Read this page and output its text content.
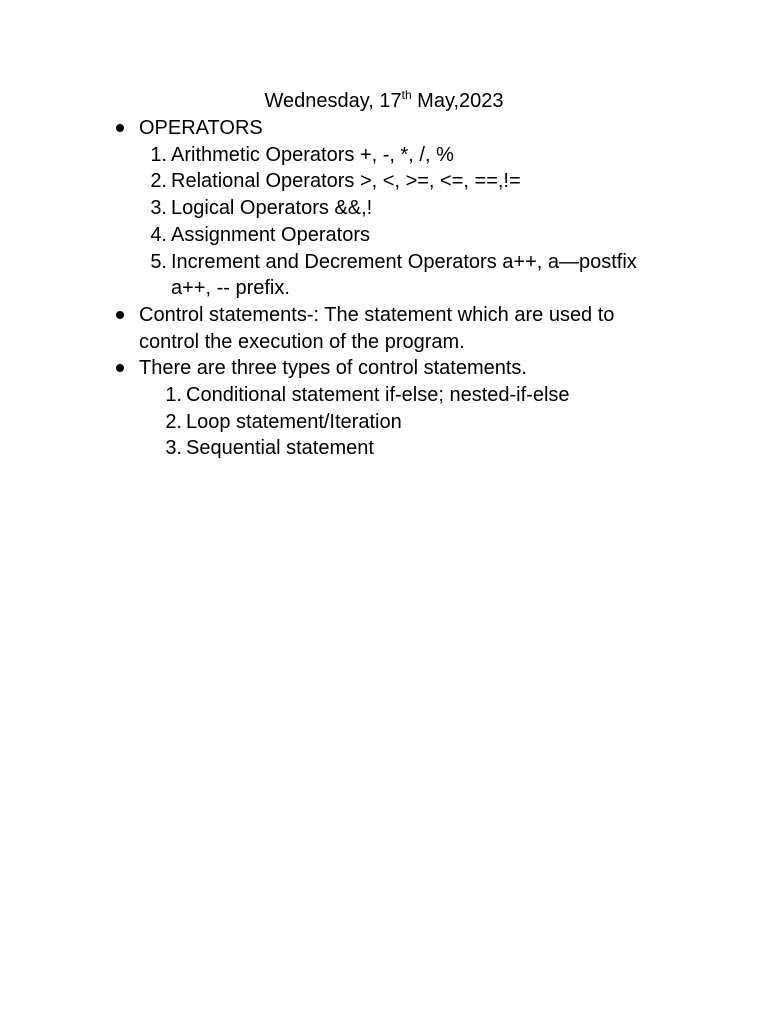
Wednesday, 17th May,2023
OPERATORS
1. Arithmetic Operators +, -, *, /, %
2. Relational Operators >, <, >=, <=, ==,!=
3. Logical Operators &&,!
4. Assignment Operators
5. Increment and Decrement Operators a++, a—postfix a++, -- prefix.
Control statements-: The statement which are used to control the execution of the program.
There are three types of control statements.
1. Conditional statement if-else; nested-if-else
2. Loop statement/Iteration
3. Sequential statement
